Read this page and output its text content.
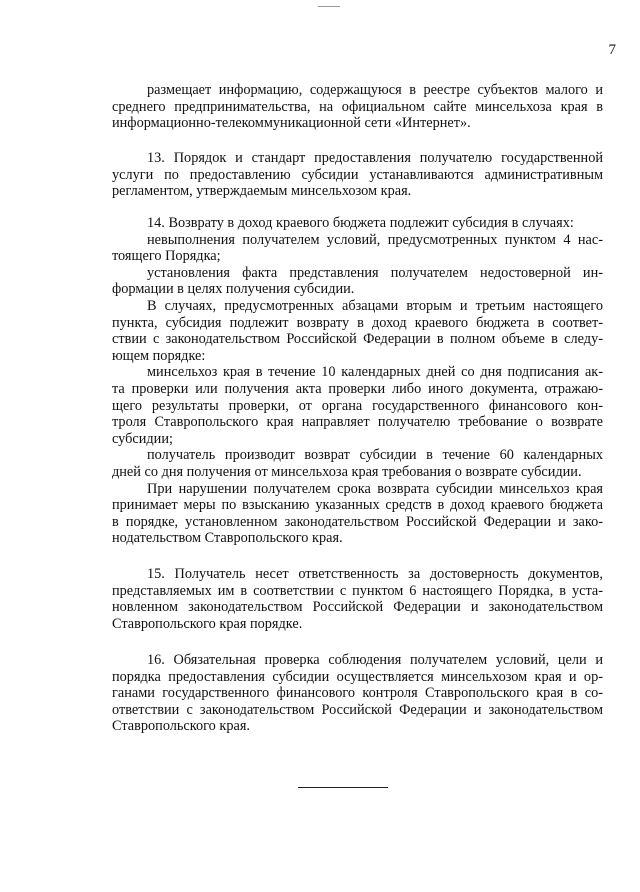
7
размещает информацию, содержащуюся в реестре субъектов малого и
среднего предпринимательства, на официальном сайте минсельхоза края в
информационно-телекоммуникационной сети «Интернет».
13. Порядок и стандарт предоставления получателю государственной
услуги по предоставлению субсидии устанавливаются административным
регламентом, утверждаемым минсельхозом края.
14. Возврату в доход краевого бюджета подлежит субсидия в случаях:
невыполнения получателем условий, предусмотренных пунктом 4 нас-
тоящего Порядка;
установления факта представления получателем недостоверной ин-
формации в целях получения субсидии.
В случаях, предусмотренных абзацами вторым и третьим настоящего
пункта, субсидия подлежит возврату в доход краевого бюджета в соответ-
ствии с законодательством Российской Федерации в полном объеме в следу-
ющем порядке:
минсельхоз края в течение 10 календарных дней со дня подписания ак-
та проверки или получения акта проверки либо иного документа, отражаю-
щего результаты проверки, от органа государственного финансового кон-
троля Ставропольского края направляет получателю требование о возврате
субсидии;
получатель производит возврат субсидии в течение 60 календарных
дней со дня получения от минсельхоза края требования о возврате субсидии.
При нарушении получателем срока возврата субсидии минсельхоз края
принимает меры по взысканию указанных средств в доход краевого бюджета
в порядке, установленном законодательством Российской Федерации и зако-
нодательством Ставропольского края.
15. Получатель несет ответственность за достоверность документов,
представляемых им в соответствии с пунктом 6 настоящего Порядка, в уста-
новленном законодательством Российской Федерации и законодательством
Ставропольского края порядке.
16. Обязательная проверка соблюдения получателем условий, цели и
порядка предоставления субсидии осуществляется минсельхозом края и ор-
ганами государственного финансового контроля Ставропольского края в со-
ответствии с законодательством Российской Федерации и законодательством
Ставропольского края.
